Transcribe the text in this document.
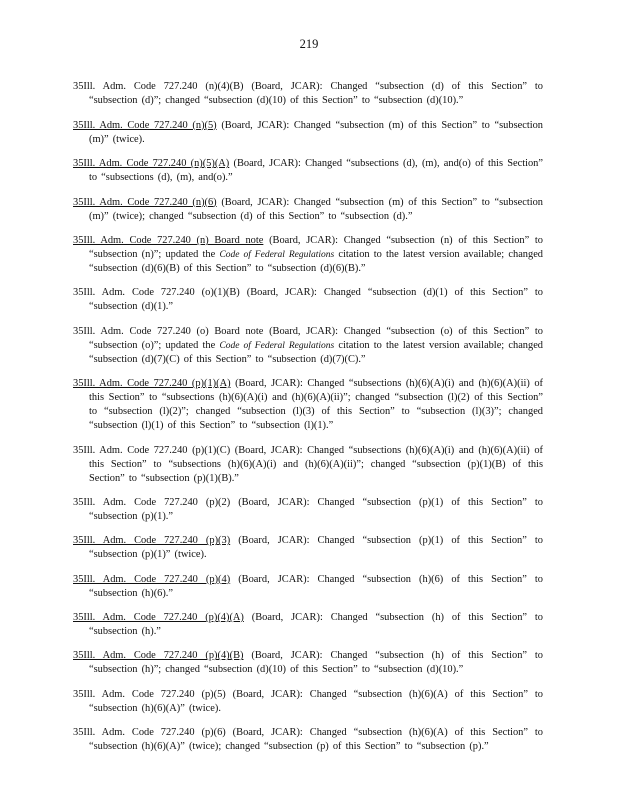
219

35Ill. Adm. Code 727.240 (n)(4)(B) (Board, JCAR): Changed “subsection (d) of this Section” to “subsection (d)”; changed “subsection (d)(10) of this Section” to “subsection (d)(10).”

35Ill. Adm. Code 727.240 (n)(5) (Board, JCAR): Changed “subsection (m) of this Section” to “subsection (m)” (twice).

35Ill. Adm. Code 727.240 (n)(5)(A) (Board, JCAR): Changed “subsections (d), (m), and(o) of this Section” to “subsections (d), (m), and(o).”

35Ill. Adm. Code 727.240 (n)(6) (Board, JCAR): Changed “subsection (m) of this Section” to “subsection (m)” (twice); changed “subsection (d) of this Section” to “subsection (d).”

35Ill. Adm. Code 727.240 (n) Board note (Board, JCAR): Changed “subsection (n) of this Section” to “subsection (n)”; updated the Code of Federal Regulations citation to the latest version available; changed “subsection (d)(6)(B) of this Section” to “subsection (d)(6)(B).”

35Ill. Adm. Code 727.240 (o)(1)(B) (Board, JCAR): Changed “subsection (d)(1) of this Section” to “subsection (d)(1).”

35Ill. Adm. Code 727.240 (o) Board note (Board, JCAR): Changed “subsection (o) of this Section” to “subsection (o)”; updated the Code of Federal Regulations citation to the latest version available; changed “subsection (d)(7)(C) of this Section” to “subsection (d)(7)(C).”

35Ill. Adm. Code 727.240 (p)(1)(A) (Board, JCAR): Changed “subsections (h)(6)(A)(i) and (h)(6)(A)(ii) of this Section” to “subsections (h)(6)(A)(i) and (h)(6)(A)(ii)”; changed “subsection (l)(2) of this Section” to “subsection (l)(2)”; changed “subsection (l)(3) of this Section” to “subsection (l)(3)”; changed “subsection (l)(1) of this Section” to “subsection (l)(1).”

35Ill. Adm. Code 727.240 (p)(1)(C) (Board, JCAR): Changed “subsections (h)(6)(A)(i) and (h)(6)(A)(ii) of this Section” to “subsections (h)(6)(A)(i) and (h)(6)(A)(ii)”; changed “subsection (p)(1)(B) of this Section” to “subsection (p)(1)(B).”

35Ill. Adm. Code 727.240 (p)(2) (Board, JCAR): Changed “subsection (p)(1) of this Section” to “subsection (p)(1).”

35Ill. Adm. Code 727.240 (p)(3) (Board, JCAR): Changed “subsection (p)(1) of this Section” to “subsection (p)(1)” (twice).

35Ill. Adm. Code 727.240 (p)(4) (Board, JCAR): Changed “subsection (h)(6) of this Section” to “subsection (h)(6).”

35Ill. Adm. Code 727.240 (p)(4)(A) (Board, JCAR): Changed “subsection (h) of this Section” to “subsection (h).”

35Ill. Adm. Code 727.240 (p)(4)(B) (Board, JCAR): Changed “subsection (h) of this Section” to “subsection (h)”; changed “subsection (d)(10) of this Section” to “subsection (d)(10).”

35Ill. Adm. Code 727.240 (p)(5) (Board, JCAR): Changed “subsection (h)(6)(A) of this Section” to “subsection (h)(6)(A)” (twice).

35Ill. Adm. Code 727.240 (p)(6) (Board, JCAR): Changed “subsection (h)(6)(A) of this Section” to “subsection (h)(6)(A)” (twice); changed “subsection (p) of this Section” to “subsection (p).”
